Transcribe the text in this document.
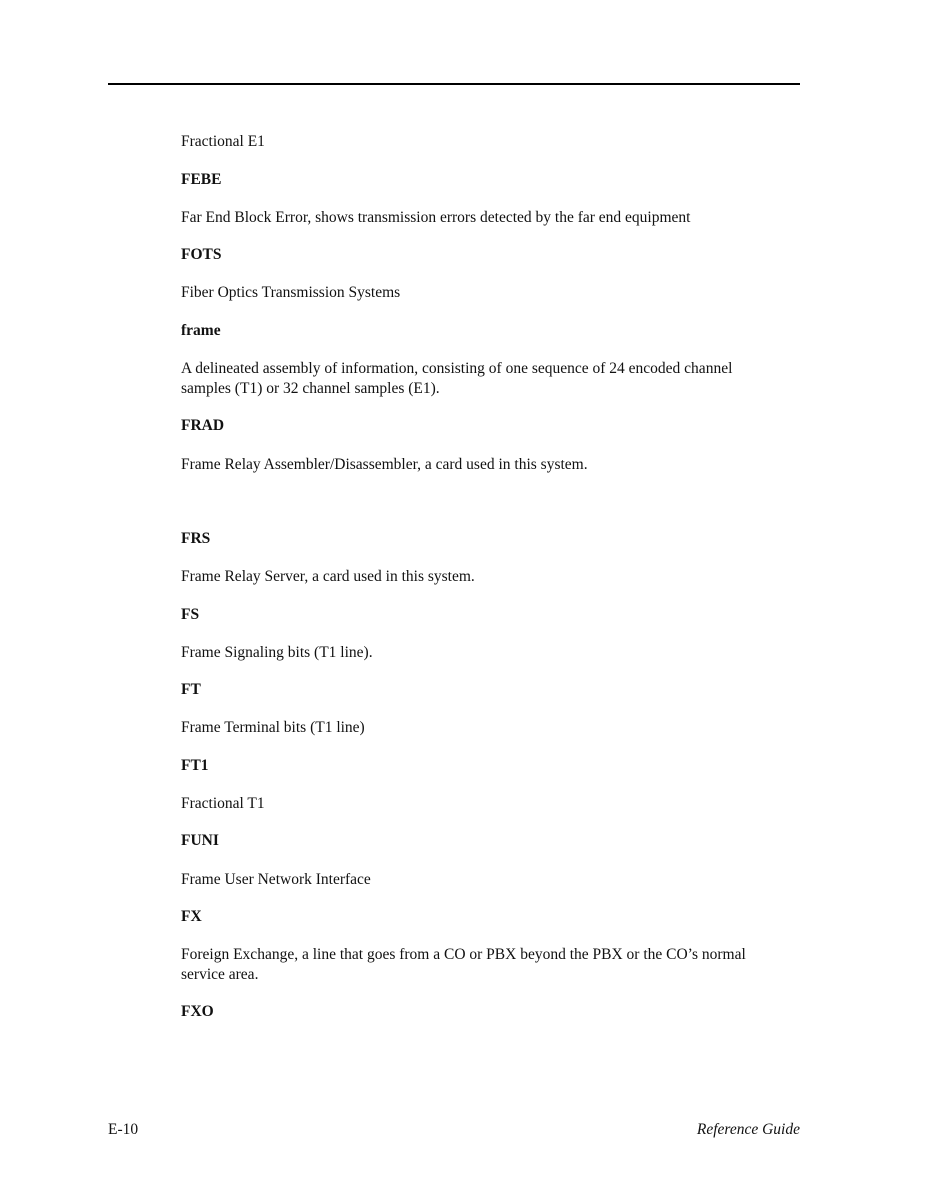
Fractional E1
FEBE
Far End Block Error, shows transmission errors detected by the far end equipment
FOTS
Fiber Optics Transmission Systems
frame
A delineated assembly of information, consisting of one sequence of 24 encoded channel
samples (T1) or 32 channel samples (E1).
FRAD
Frame Relay Assembler/Disassembler, a card used in this system.
FRS
Frame Relay Server, a card used in this system.
FS
Frame Signaling bits (T1 line).
FT
Frame Terminal bits (T1 line)
FT1
Fractional T1
FUNI
Frame User Network Interface
FX
Foreign Exchange, a line that goes from a CO or PBX beyond the PBX or the CO’s normal
service area.
FXO
E-10	Reference Guide
